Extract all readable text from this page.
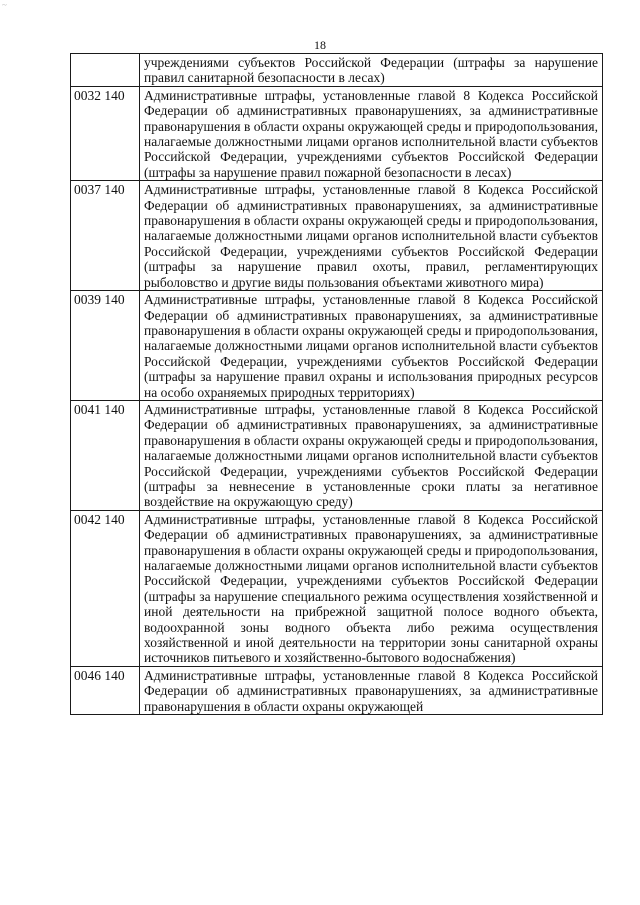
~
18
	учреждениями субъектов Российской Федерации (штрафы за нарушение правил санитарной безопасности в лесах)
0032 140	Административные штрафы, установленные главой 8 Кодекса Российской Федерации об административных правонарушениях, за административные правонарушения в области охраны окружающей среды и природопользования, налагаемые должностными лицами органов исполнительной власти субъектов Российской Федерации, учреждениями субъектов Российской Федерации (штрафы за нарушение правил пожарной безопасности в лесах)
0037 140	Административные штрафы, установленные главой 8 Кодекса Российской Федерации об административных правонарушениях, за административные правонарушения в области охраны окружающей среды и природопользования, налагаемые должностными лицами органов исполнительной власти субъектов Российской Федерации, учреждениями субъектов Российской Федерации (штрафы за нарушение правил охоты, правил, регламентирующих рыболовство и другие виды пользования объектами животного мира)
0039 140	Административные штрафы, установленные главой 8 Кодекса Российской Федерации об административных правонарушениях, за административные правонарушения в области охраны окружающей среды и природопользования, налагаемые должностными лицами органов исполнительной власти субъектов Российской Федерации, учреждениями субъектов Российской Федерации (штрафы за нарушение правил охраны и использования природных ресурсов на особо охраняемых природных территориях)
0041 140	Административные штрафы, установленные главой 8 Кодекса Российской Федерации об административных правонарушениях, за административные правонарушения в области охраны окружающей среды и природопользования, налагаемые должностными лицами органов исполнительной власти субъектов Российской Федерации, учреждениями субъектов Российской Федерации (штрафы за невнесение в установленные сроки платы за негативное воздействие на окружающую среду)
0042 140	Административные штрафы, установленные главой 8 Кодекса Российской Федерации об административных правонарушениях, за административные правонарушения в области охраны окружающей среды и природопользования, налагаемые должностными лицами органов исполнительной власти субъектов Российской Федерации, учреждениями субъектов Российской Федерации (штрафы за нарушение специального режима осуществления хозяйственной и иной деятельности на прибрежной защитной полосе водного объекта, водоохранной зоны водного объекта либо режима осуществления хозяйственной и иной деятельности на территории зоны санитарной охраны источников питьевого и хозяйственно-бытового водоснабжения)
0046 140	Административные штрафы, установленные главой 8 Кодекса Российской Федерации об административных правонарушениях, за административные правонарушения в области охраны окружающей
